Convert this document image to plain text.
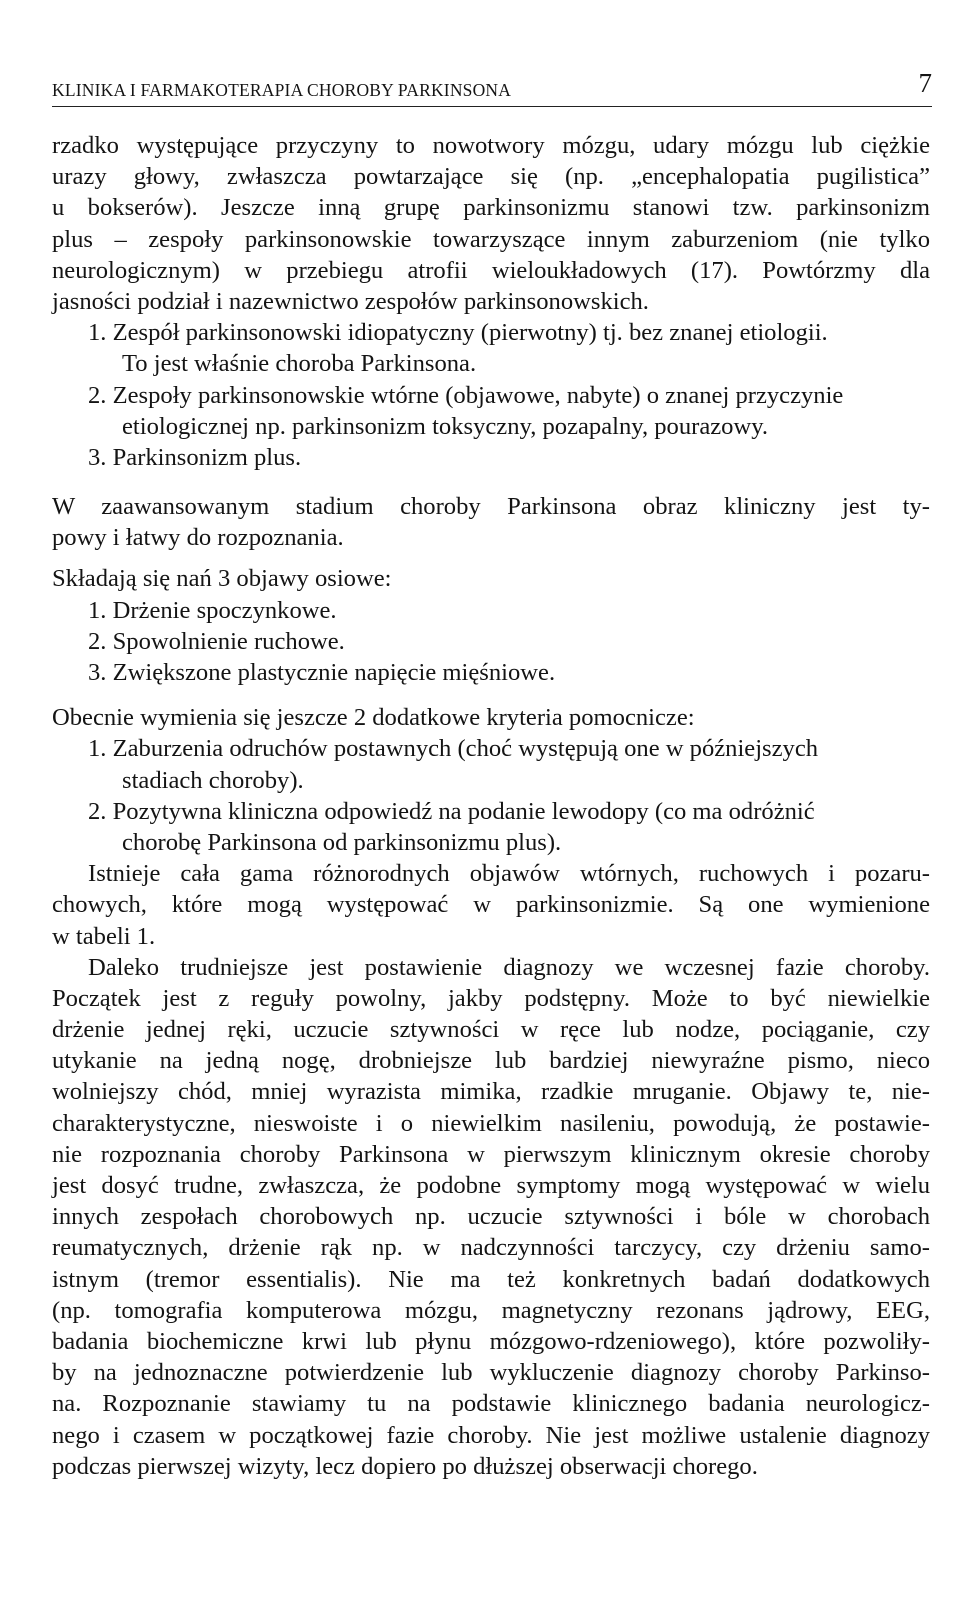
KLINIKA I FARMAKOTERAPIA CHOROBY PARKINSONA	7
rzadko występujące przyczyny to nowotwory mózgu, udary mózgu lub ciężkie
urazy głowy, zwłaszcza powtarzające się (np. „encephalopatia pugilistica”
u bokserów). Jeszcze inną grupę parkinsonizmu stanowi tzw. parkinsonizm
plus – zespoły parkinsonowskie towarzyszące innym zaburzeniom (nie tylko
neurologicznym) w przebiegu atrofii wieloukładowych (17). Powtórzmy dla
jasności podział i nazewnictwo zespołów parkinsonowskich.
1. Zespół parkinsonowski idiopatyczny (pierwotny) tj. bez znanej etiologii.
To jest właśnie choroba Parkinsona.
2. Zespoły parkinsonowskie wtórne (objawowe, nabyte) o znanej przyczynie
etiologicznej np. parkinsonizm toksyczny, pozapalny, pourazowy.
3. Parkinsonizm plus.
W zaawansowanym stadium choroby Parkinsona obraz kliniczny jest ty-
powy i łatwy do rozpoznania.
Składają się nań 3 objawy osiowe:
1. Drżenie spoczynkowe.
2. Spowolnienie ruchowe.
3. Zwiększone plastycznie napięcie mięśniowe.
Obecnie wymienia się jeszcze 2 dodatkowe kryteria pomocnicze:
1. Zaburzenia odruchów postawnych (choć występują one w późniejszych
stadiach choroby).
2. Pozytywna kliniczna odpowiedź na podanie lewodopy (co ma odróżnić
chorobę Parkinsona od parkinsonizmu plus).
Istnieje cała gama różnorodnych objawów wtórnych, ruchowych i pozaru-
chowych, które mogą występować w parkinsonizmie. Są one wymienione
w tabeli 1.
Daleko trudniejsze jest postawienie diagnozy we wczesnej fazie choroby.
Początek jest z reguły powolny, jakby podstępny. Może to być niewielkie
drżenie jednej ręki, uczucie sztywności w ręce lub nodze, pociąganie, czy
utykanie na jedną nogę, drobniejsze lub bardziej niewyraźne pismo, nieco
wolniejszy chód, mniej wyrazista mimika, rzadkie mruganie. Objawy te, nie-
charakterystyczne, nieswoiste i o niewielkim nasileniu, powodują, że postawie-
nie rozpoznania choroby Parkinsona w pierwszym klinicznym okresie choroby
jest dosyć trudne, zwłaszcza, że podobne symptomy mogą występować w wielu
innych zespołach chorobowych np. uczucie sztywności i bóle w chorobach
reumatycznych, drżenie rąk np. w nadczynności tarczycy, czy drżeniu samo-
istnym (tremor essentialis). Nie ma też konkretnych badań dodatkowych
(np. tomografia komputerowa mózgu, magnetyczny rezonans jądrowy, EEG,
badania biochemiczne krwi lub płynu mózgowo-rdzeniowego), które pozwoliły-
by na jednoznaczne potwierdzenie lub wykluczenie diagnozy choroby Parkinso-
na. Rozpoznanie stawiamy tu na podstawie klinicznego badania neurologicz-
nego i czasem w początkowej fazie choroby. Nie jest możliwe ustalenie diagnozy
podczas pierwszej wizyty, lecz dopiero po dłuższej obserwacji chorego.
